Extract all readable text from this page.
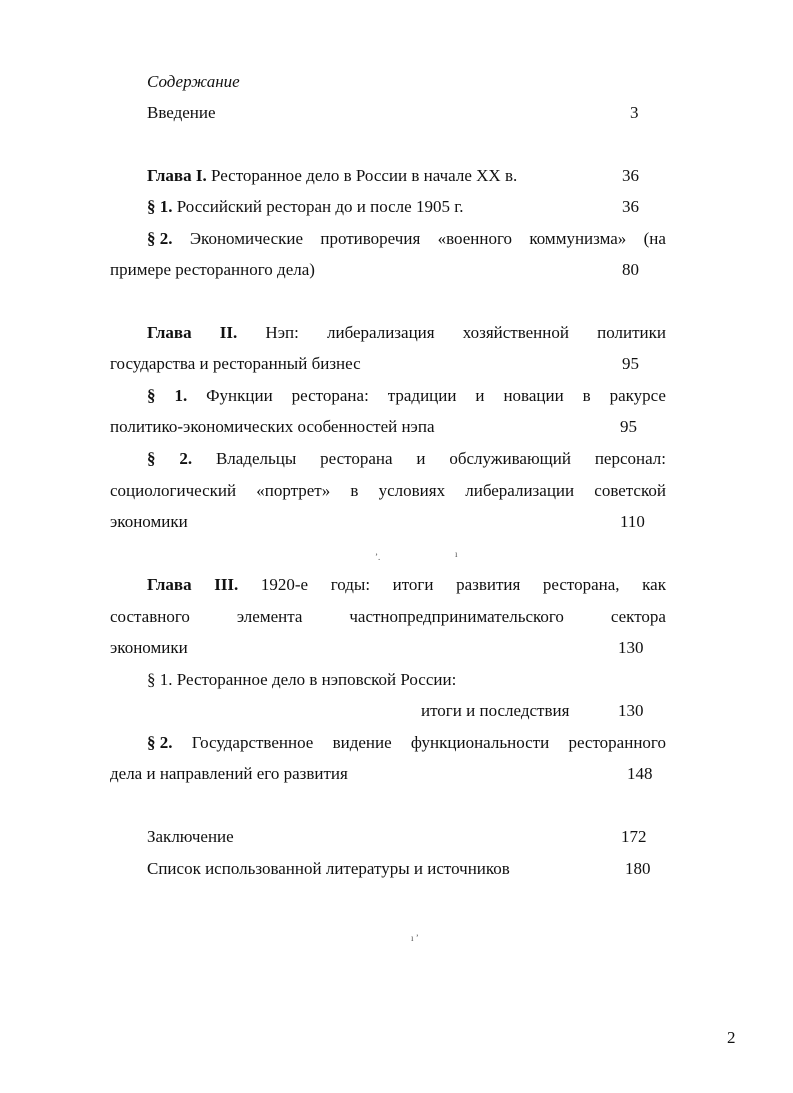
Содержание
Введение	3
Глава I. Ресторанное дело в России в начале XX в.	36
§ 1. Российский ресторан до и после 1905 г.	36
§ 2. Экономические противоречия «военного коммунизма» (на
примере ресторанного дела)	80
Глава II. Нэп: либерализация хозяйственной политики
государства и ресторанный бизнес	95
§ 1. Функции ресторана: традиции и новации в ракурсе
политико-экономических особенностей нэпа	95
§ 2. Владельцы ресторана и обслуживающий персонал:
социологический «портрет» в условиях либерализации советской
экономики	110
ʼ.	ı
Глава III. 1920-е годы: итоги развития ресторана, как
составного	элемента	частнопредпринимательского	сектора
экономики	130
§ 1. Ресторанное дело в нэповской России:
итоги и последствия	130
§ 2. Государственное видение функциональности ресторанного
дела и направлений его развития	148
Заключение	172
Список использованной литературы и источников	180
ı ʼ
2
